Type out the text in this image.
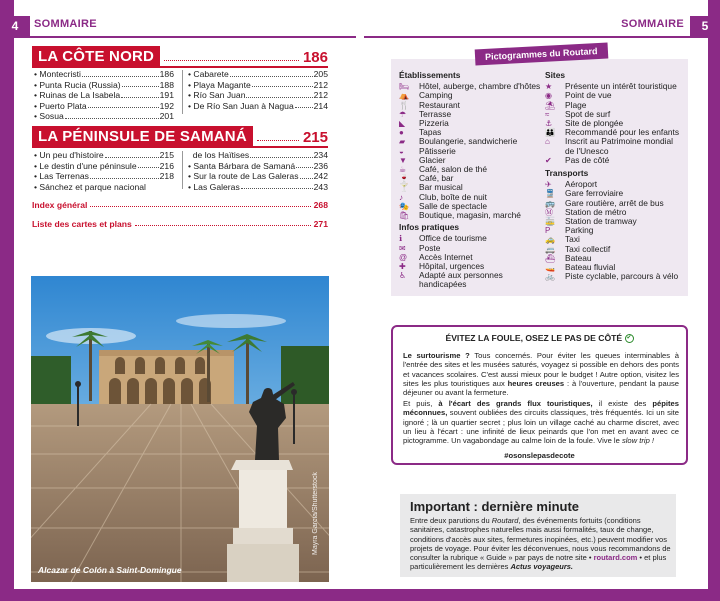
4	5
SOMMAIRE	SOMMAIRE
LA CÔTE NORD	186
• Montecristi	186
• Punta Rucia (Russia)	188
• Ruinas de La Isabela	191
• Puerto Plata	192
• Sosua	201
• Cabarete	205
• Playa Magante	212
• Río San Juan	212
• De Río San Juan à Nagua 214
LA PÉNINSULE DE SAMANÁ	215
• Un peu d'histoire	215
• Le destin d'une péninsule	216
• Las Terrenas	218
• Sánchez et parque nacional

de los Haïtises	234
• Santa Bárbara de Samaná 236
• Sur la route de Las Galeras 242
• Las Galeras	243
Index général	268
Liste des cartes et plans	271
Alcazar de Colón à Saint-Domingue
Mayra Garcia/Shutterstock
Pictogrammes du Routard
Établissements
🛏	Hôtel, auberge, chambre d'hôtes
⛺	Camping
🍴	Restaurant
☂	Terrasse
◣	Pizzeria
●	Tapas
▰	Boulangerie, sandwicherie
◒	Pâtisserie
▼	Glacier
☕	Café, salon de thé
🍷	Café, bar
🍸	Bar musical
♪	Club, boîte de nuit
🎭	Salle de spectacle
🛍	Boutique, magasin, marché
Infos pratiques
ℹ	Office de tourisme
✉	Poste
@	Accès Internet
✚	Hôpital, urgences
♿	Adapté aux personnes handicapées
Sites
★	Présente un intérêt touristique
◉	Point de vue
⛱	Plage
≈	Spot de surf
⚓	Site de plongée
👪	Recommandé pour les enfants
⌂	Inscrit au Patrimoine mondial de l'Unesco
✔	Pas de côté
Transports
✈	Aéroport
🚆	Gare ferroviaire
🚌	Gare routière, arrêt de bus
Ⓜ	Station de métro
🚋	Station de tramway
P	Parking
🚕	Taxi
🚐	Taxi collectif
⛴	Bateau
🚤	Bateau fluvial
🚲	Piste cyclable, parcours à vélo
ÉVITEZ LA FOULE, OSEZ LE PAS DE CÔTÉ ✔
Le surtourisme ? Tous concernés. Pour éviter les queues interminables à l'entrée des sites et les musées saturés, voyagez si possible en dehors des ponts et vacances scolaires. C'est aussi mieux pour le budget ! Autre option, visitez les sites les plus touristiques aux heures creuses : à l'ouverture, pendant la pause déjeuner ou avant la fermeture.
Et puis, à l'écart des grands flux touristiques, il existe des pépites méconnues, souvent oubliées des circuits classiques, très fréquentés. Ici un site ignoré ; là un quartier secret ; plus loin un village caché au charme discret, avec un lieu à l'écart : une infinité de lieux peinards que l'on met en avant avec ce pictogramme. Un vagabondage au calme loin de la foule. Vive le slow trip !
#osonslepasdecote
Important : dernière minute
Entre deux parutions du Routard, des événements fortuits (conditions sanitaires, catastrophes naturelles mais aussi formalités, taux de change, conditions d'accès aux sites, fermetures inopinées, etc.) peuvent modifier vos projets de voyage. Pour éviter les déconvenues, nous vous recommandons de consulter la rubrique « Guide » par pays de notre site • routard.com • et plus particulièrement les dernières Actus voyageurs.
